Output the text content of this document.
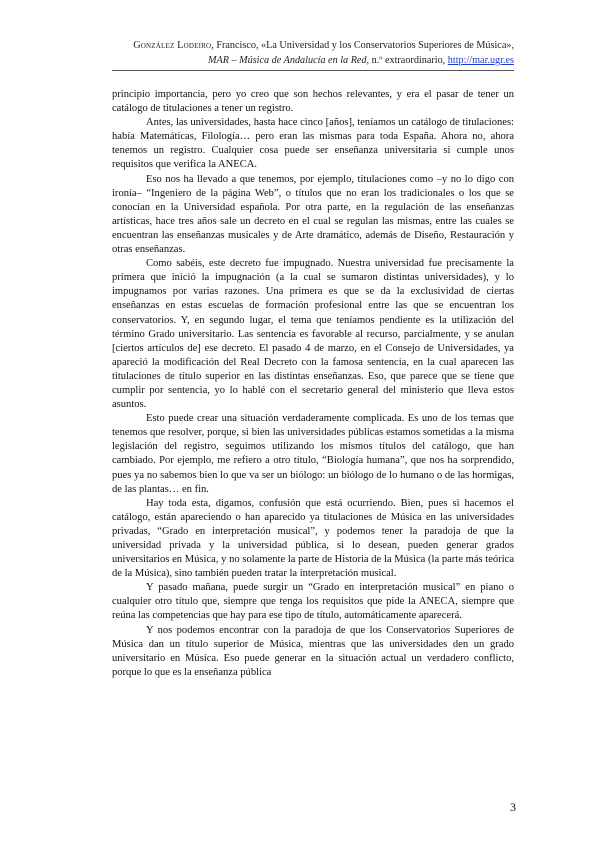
González Lodeiro, Francisco, «La Universidad y los Conservatorios Superiores de Música»,
MAR – Música de Andalucía en la Red, n.º extraordinario, http://mar.ugr.es

principio importancia, pero yo creo que son hechos relevantes, y era el pasar de tener un catálogo de titulaciones a tener un registro.

Antes, las universidades, hasta hace cinco [años], teníamos un catálogo de titulaciones: había Matemáticas, Filología… pero eran las mismas para toda España. Ahora no, ahora tenemos un registro. Cualquier cosa puede ser enseñanza universitaria si cumple unos requisitos que verifica la ANECA.

Eso nos ha llevado a que tenemos, por ejemplo, titulaciones como –y no lo digo con ironía– “Ingeniero de la página Web”, o títulos que no eran los tradicionales o los que se conocían en la Universidad española. Por otra parte, en la regulación de las enseñanzas artísticas, hace tres años sale un decreto en el cual se regulan las mismas, entre las cuales se encuentran las enseñanzas musicales y de Arte dramático, además de Diseño, Restauración y otras enseñanzas.

Como sabéis, este decreto fue impugnado. Nuestra universidad fue precisamente la primera que inició la impugnación (a la cual se sumaron distintas universidades), y lo impugnamos por varias razones. Una primera es que se da la exclusividad de ciertas enseñanzas en estas escuelas de formación profesional entre las que se encuentran los conservatorios. Y, en segundo lugar, el tema que teníamos pendiente es la utilización del término Grado universitario. Las sentencia es favorable al recurso, parcialmente, y se anulan [ciertos artículos de] ese decreto. El pasado 4 de marzo, en el Consejo de Universidades, ya apareció la modificación del Real Decreto con la famosa sentencia, en la cual aparecen las titulaciones de título superior en las distintas enseñanzas. Eso, que parece que se tiene que cumplir por sentencia, yo lo hablé con el secretario general del ministerio que lleva estos asuntos.

Esto puede crear una situación verdaderamente complicada. Es uno de los temas que tenemos que resolver, porque, si bien las universidades públicas estamos sometidas a la misma legislación del registro, seguimos utilizando los mismos títulos del catálogo, que han cambiado. Por ejemplo, me refiero a otro título, “Biología humana”, que nos ha sorprendido, pues ya no sabemos bien lo que va ser un biólogo: un biólogo de lo humano o de las hormigas, de las plantas… en fin.

Hay toda esta, digamos, confusión que está ocurriendo. Bien, pues si hacemos el catálogo, están apareciendo o han aparecido ya titulaciones de Música en las universidades privadas, “Grado en interpretación musical”, y podemos tener la paradoja de que la universidad privada y la universidad pública, si lo desean, pueden generar grados universitarios en Música, y no solamente la parte de Historia de la Música (la parte más teórica de la Música), sino también pueden tratar la interpretación musical.

Y pasado mañana, puede surgir un “Grado en interpretación musical” en piano o cualquier otro título que, siempre que tenga los requisitos que pide la ANECA, siempre que reúna las competencias que hay para ese tipo de título, automáticamente aparecerá.

Y nos podemos encontrar con la paradoja de que los Conservatorios Superiores de Música dan un título superior de Música, mientras que las universidades den un grado universitario en Música. Eso puede generar en la situación actual un verdadero conflicto, porque lo que es la enseñanza pública

3
